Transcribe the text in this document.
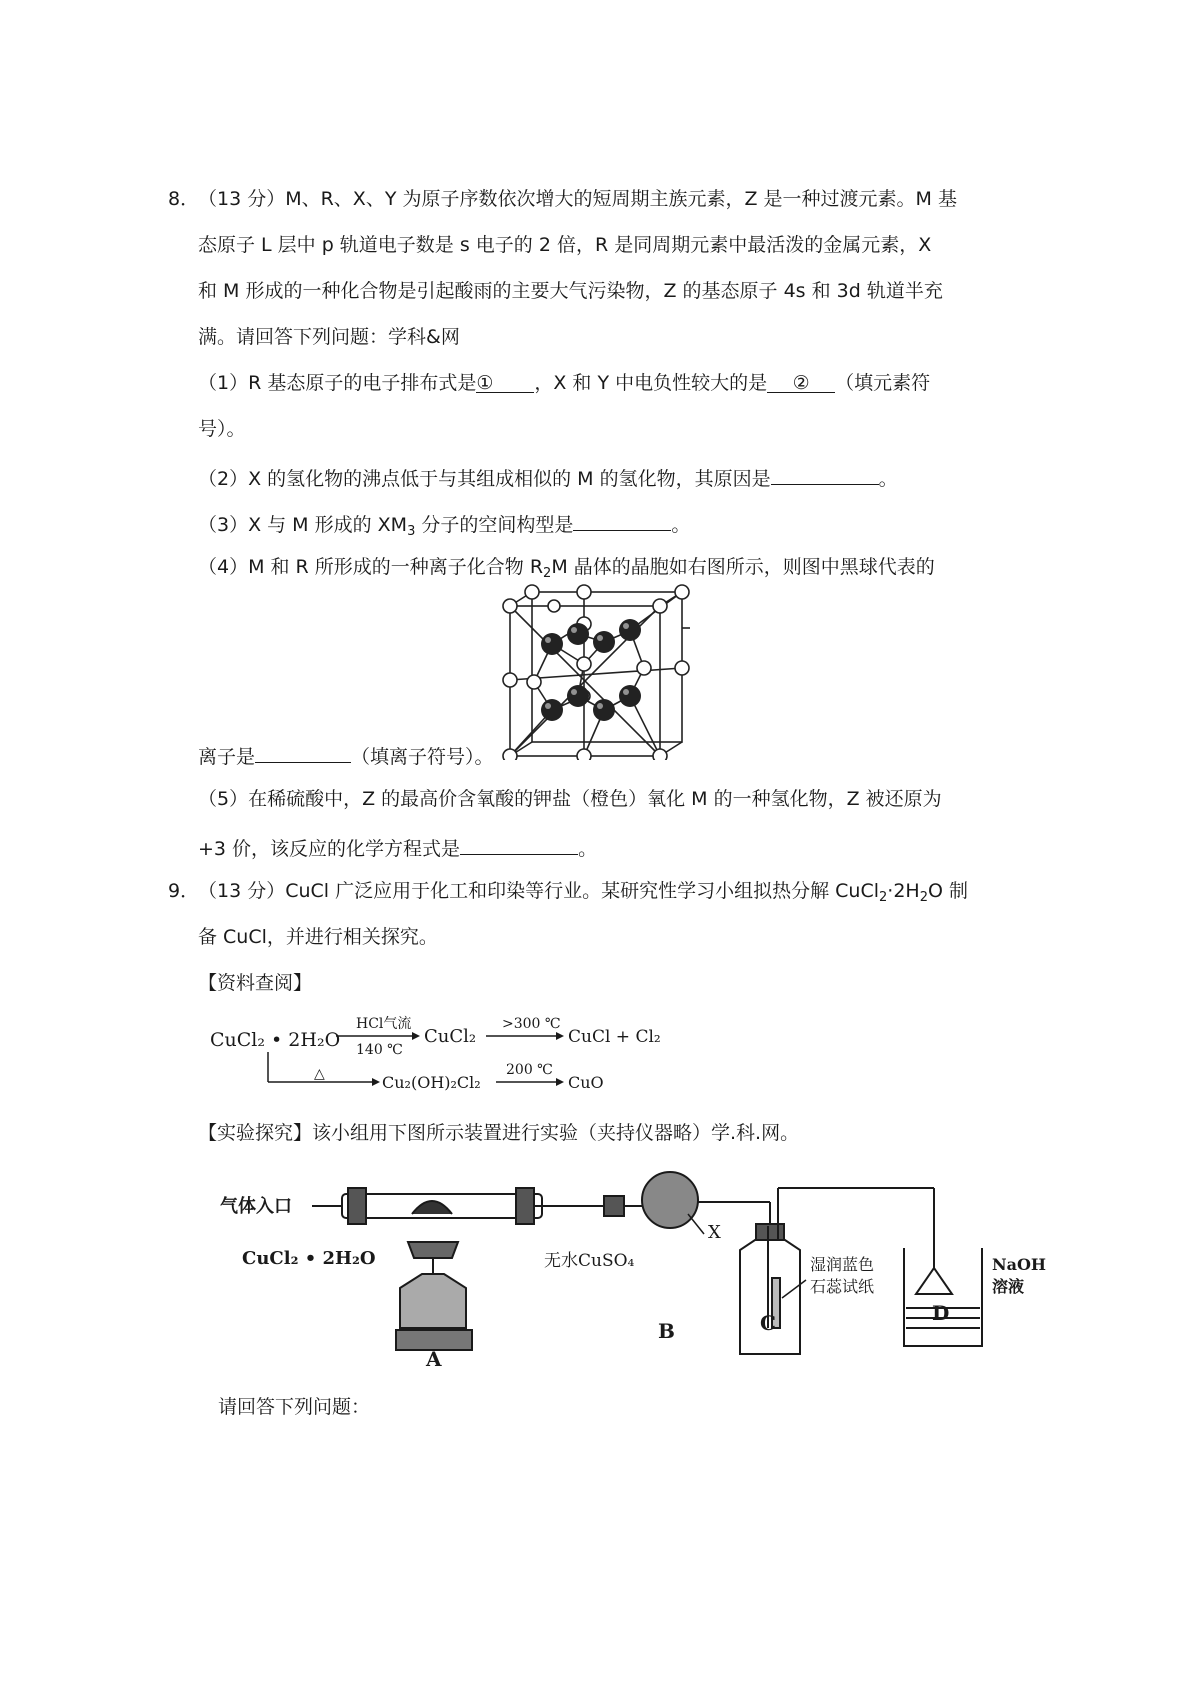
8．
（13 分）M、R、X、Y 为原子序数依次增大的短周期主族元素，Z 是一种过渡元素。M 基
态原子 L 层中 p 轨道电子数是 s 电子的 2 倍，R 是同周期元素中最活泼的金属元素，X
和 M 形成的一种化合物是引起酸雨的主要大气污染物，Z 的基态原子 4s 和 3d 轨道半充
满。请回答下列问题：学科&网
（1）R 基态原子的电子排布式是① ，X 和 Y 中电负性较大的是 ② （填元素符
号）。
（2）X 的氢化物的沸点低于与其组成相似的 M 的氢化物，其原因是	。
（3）X 与 M 形成的 $XM_3$ 分子的空间构型是	。
（4）M 和 R 所形成的一种离子化合物 $R_2M$ 晶体的晶胞如右图所示，则图中黑球代表的
离子是	（填离子符号）。
（5）在稀硫酸中，Z 的最高价含氧酸的钾盐（橙色）氧化 M 的一种氢化物，Z 被还原为
+3 价，该反应的化学方程式是	。
9．
（13 分）CuCl 广泛应用于化工和印染等行业。某研究性学习小组拟热分解 $CuCl_2\cdot 2H_2O$ 制
备 CuCl，并进行相关探究。
【资料查阅】
CuCl₂ • 2H₂O
HCl气流
140 ℃
CuCl₂
>300 ℃
CuCl + Cl₂
△	Cu₂(OH)₂Cl₂
200 ℃
CuO
【实验探究】该小组用下图所示装置进行实验（夹持仪器略）学.科.网。
气体入口
CuCl₂ • 2H₂O	无水CuSO₄
X
湿润蓝色
石蕊试纸
NaOH
溶液
A
B	C	D
请回答下列问题：
